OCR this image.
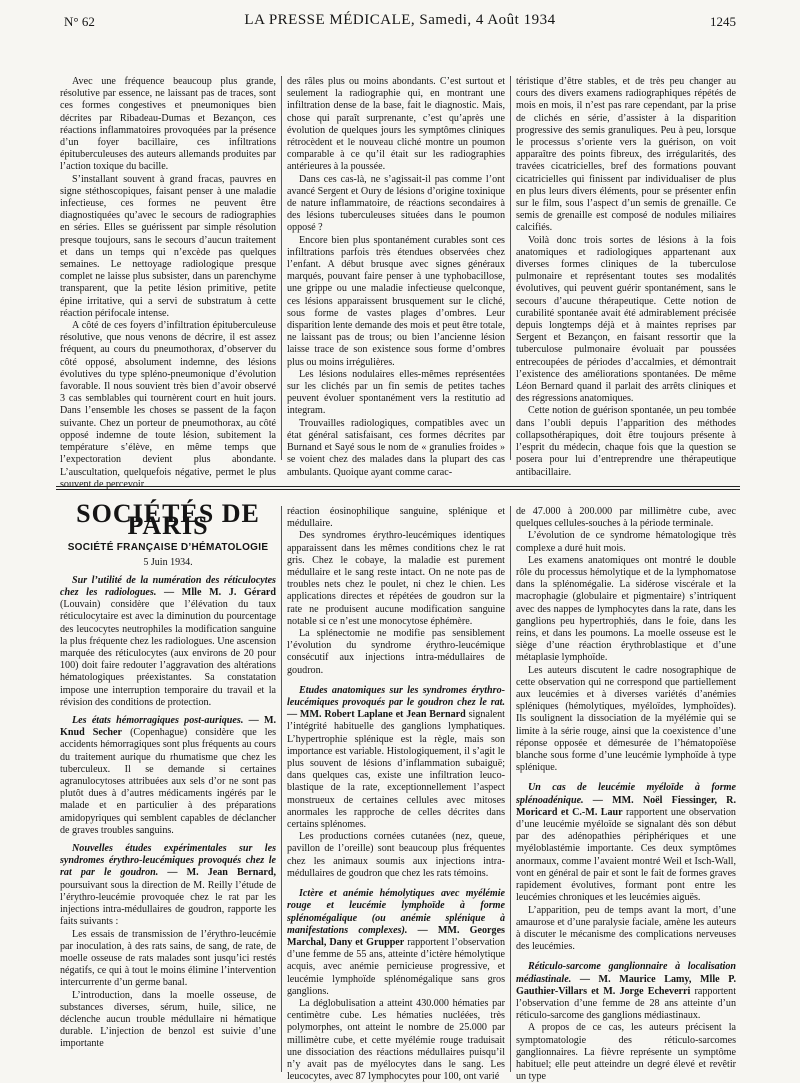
N° 62	LA PRESSE MÉDICALE, Samedi, 4 Août 1934	1245

Avec une fréquence beaucoup plus grande, résolutive par essence, ne laissant pas de traces, sont ces formes congestives et pneumoniques bien décrites par Ribadeau-Dumas et Bezançon, ces réactions inflammatoires provoquées par la présence d’un foyer bacillaire, ces infiltrations épituberculeuses des auteurs allemands produites par l’action toxique du bacille.

S’installant souvent à grand fracas, pauvres en signe stéthoscopiques, faisant penser à une maladie infectieuse, ces formes ne peuvent être diagnostiquées qu’avec le secours de radiographies en séries. Elles se guérissent par simple résolution presque toujours, sans le secours d’aucun traitement et dans un temps qui n’excède pas quelques semaines. Le nettoyage radiologique presque complet ne laisse plus subsister, dans un parenchyme transparent, que la petite lésion primitive, petite épine irritative, qui a servi de substratum à cette réaction périfocale intense.

A côté de ces foyers d’infiltration épituberculeuse résolutive, que nous venons de décrire, il est assez fréquent, au cours du pneumothorax, d’observer du côté opposé, absolument indemne, des lésions évolutives du type spléno-pneumonique d’évolution favorable. Il nous souvient très bien d’avoir observé 3 cas semblables qui tournèrent court en huit jours. Dans l’ensemble les choses se passent de la façon suivante. Chez un porteur de pneumothorax, au côté opposé indemne de toute lésion, subitement la température s’élève, en même temps que l’expectoration devient plus abondante. L’auscultation, quelquefois négative, permet le plus souvent de percevoir

des râles plus ou moins abondants. C’est surtout et seulement la radiographie qui, en montrant une infiltration dense de la base, fait le diagnostic. Mais, chose qui paraît surprenante, c’est qu’après une évolution de quelques jours les symptômes cliniques rétrocèdent et le nouveau cliché montre un poumon comparable à ce qu’il était sur les radiographies antérieures à la poussée.

Dans ces cas-là, ne s’agissait-il pas comme l’ont avancé Sergent et Oury de lésions d’origine toxinique de nature inflammatoire, de réactions secondaires à des lésions tuberculeuses situées dans le poumon opposé ?

Encore bien plus spontanément curables sont ces infiltrations parfois très étendues observées chez l’enfant. A début brusque avec signes généraux marqués, pouvant faire penser à une typhobacillose, une grippe ou une maladie infectieuse quelconque, ces lésions apparaissent brusquement sur le cliché, sous forme de vastes plages d’ombres. Leur disparition lente demande des mois et peut être totale, ne laissant pas de trous; ou bien l’ancienne lésion laisse trace de son existence sous forme d’ombres plus ou moins irrégulières.

Les lésions nodulaires elles-mêmes représentées sur les clichés par un fin semis de petites taches peuvent évoluer spontanément vers la restitutio ad integram.

Trouvailles radiologiques, compatibles avec un état général satisfaisant, ces formes décrites par Burnand et Sayé sous le nom de « granulies froides » se voient chez des malades dans la plupart des cas ambulants. Quoique ayant comme carac-

téristique d’être stables, et de très peu changer au cours des divers examens radiographiques répétés de mois en mois, il n’est pas rare cependant, par la prise de clichés en série, d’assister à la disparition progressive des semis granuliques. Peu à peu, lorsque le processus s’oriente vers la guérison, on voit apparaître des points fibreux, des irrégularités, des travées cicatricielles, bref des formations pouvant cicatricielles qui finissent par individualiser de plus en plus leurs divers éléments, pour se présenter enfin sur le film, sous l’aspect d’un semis de grenaille. Ce semis de grenaille est composé de nodules miliaires calcifiés.

Voilà donc trois sortes de lésions à la fois anatomiques et radiologiques appartenant aux diverses formes cliniques de la tuberculose pulmonaire et représentant toutes ses modalités évolutives, qui peuvent guérir spontanément, sans le secours d’aucune thérapeutique. Cette notion de curabilité spontanée avait été admirablement précisée depuis longtemps déjà et à maintes reprises par Sergent et Bezançon, en faisant ressortir que la tuberculose pulmonaire évoluait par poussées entrecoupées de périodes d’accalmies, et démontrait l’existence des améliorations spontanées. De même Léon Bernard quand il parlait des arrêts cliniques et des régressions anatomiques.

Cette notion de guérison spontanée, un peu tombée dans l’oubli depuis l’apparition des méthodes collapsothérapiques, doit être toujours présente à l’esprit du médecin, chaque fois que la question se posera pour lui d’entreprendre une thérapeutique antibacillaire.

SOCIÉTÉS DE PARIS
SOCIÉTÉ FRANÇAISE D’HÉMATOLOGIE
5 Juin 1934.

Sur l’utilité de la numération des réticulocytes chez les radiologues. — Mlle M. J. Gérard (Louvain) considère que l’élévation du taux réticulocytaire est avec la diminution du pourcentage des leucocytes neutrophiles la modification sanguine la plus fréquente chez les radiologues. Une ascension marquée des réticulocytes (aux environs de 20 pour 100) doit faire redouter l’aggravation des altérations hématologiques préexistantes. Sa constatation impose une interruption temporaire du travail et la révision des conditions de protection.

Les états hémorragiques post-auriques. — M. Knud Secher (Copenhague) considère que les accidents hémorragiques sont plus fréquents au cours du traitement aurique du rhumatisme que chez les tuberculeux. Il se demande si certaines agranulocytoses attribuées aux sels d’or ne sont pas plutôt dues à d’autres médicaments ingérés par le malade et en particulier à des préparations amidopyriques qui semblent capables de déclancher de graves troubles sanguins.

Nouvelles études expérimentales sur les syndromes érythro-leucémiques provoqués chez le rat par le goudron. — M. Jean Bernard, poursuivant sous la direction de M. Reilly l’étude de l’érythro-leucémie provoquée chez le rat par les injections intra-médullaires de goudron, rapporte les faits suivants :

Les essais de transmission de l’érythro-leucémie par inoculation, à des rats sains, de sang, de rate, de moelle osseuse de rats malades sont jusqu’ici restés négatifs, ce qui à tout le moins élimine l’intervention intercurrente d’un germe banal.

L’introduction, dans la moelle osseuse, de substances diverses, sérum, huile, silice, ne déclenche aucun trouble médullaire ni hématique durable. L’injection de benzol est suivie d’une importante

réaction éosinophilique sanguine, splénique et médullaire.

Des syndromes érythro-leucémiques identiques apparaissent dans les mêmes conditions chez le rat gris. Chez le cobaye, la maladie est purement médullaire et le sang reste intact. On ne note pas de troubles nets chez le poulet, ni chez le chien. Les applications directes et répétées de goudron sur la rate ne produisent aucune modification sanguine notable si ce n’est une monocytose éphémère.

La splénectomie ne modifie pas sensiblement l’évolution du syndrome érythro-leucémique consécutif aux injections intra-médullaires de goudron.

Etudes anatomiques sur les syndromes érythro-leucémiques provoqués par le goudron chez le rat. — MM. Robert Laplane et Jean Bernard signalent l’intégrité habituelle des ganglions lymphatiques. L’hypertrophie splénique est la règle, mais son importance est variable. Histologiquement, il s’agit le plus souvent de lésions d’inflammation subaiguë; dans quelques cas, existe une infiltration leuco-blastique de la rate, exceptionnellement l’aspect monstrueux de certaines cellules avec mitoses anormales les rapproche de celles décrites dans certains splénomes.

Les productions cornées cutanées (nez, queue, pavillon de l’oreille) sont beaucoup plus fréquentes chez les animaux soumis aux injections intra-médullaires de goudron que chez les rats témoins.

Ictère et anémie hémolytiques avec myélémie rouge et leucémie lymphoïde à forme splénomégalique (ou anémie splénique à manifestations complexes). — MM. Georges Marchal, Dany et Grupper rapportent l’observation d’une femme de 55 ans, atteinte d’ictère hémolytique acquis, avec anémie pernicieuse progressive, et leucémie lymphoïde splénomégalique sans gros ganglions.

La déglobulisation a atteint 430.000 hématies par centimètre cube. Les hématies nucléées, très polymorphes, ont atteint le nombre de 25.000 par millimètre cube, et cette myélémie rouge traduisait une dissociation des réactions médullaires puisqu’il n’y avait pas de myélocytes dans le sang. Les leucocytes, avec 87 lymphocytes pour 100, ont varié

de 47.000 à 200.000 par millimètre cube, avec quelques cellules-souches à la période terminale.

L’évolution de ce syndrome hématologique très complexe a duré huit mois.

Les examens anatomiques ont montré le double rôle du processus hémolytique et de la lymphomatose dans la splénomégalie. La sidérose viscérale et la macrophagie (globulaire et pigmentaire) s’intriquent avec des nappes de lymphocytes dans la rate, dans les ganglions peu hypertrophiés, dans le foie, dans les reins, et dans les poumons. La moelle osseuse est le siège d’une réaction érythroblastique et d’une métaplasie lymphoïde.

Les auteurs discutent le cadre nosographique de cette observation qui ne correspond que partiellement aux leucémies et à diverses variétés d’anémies spléniques (hémolytiques, myéloïdes, lymphoïdes). Ils soulignent la dissociation de la myélémie qui se limite à la série rouge, ainsi que la coexistence d’une réponse opposée et démesurée de l’hématopoïèse blanche sous forme d’une leucémie lymphoïde à type splénique.

Un cas de leucémie myéloïde à forme splénoadénique. — MM. Noël Fiessinger, R. Moricard et C.-M. Laur rapportent une observation d’une leucémie myéloïde se signalant dès son début par des adénopathies périphériques et une myéloblastémie importante. Ces deux symptômes anormaux, comme l’avaient montré Weil et Isch-Wall, vont en général de pair et sont le fait de formes graves rapidement évolutives, formant pont entre les leucémies chroniques et les leucémies aiguës.

L’apparition, peu de temps avant la mort, d’une amaurose et d’une paralysie faciale, amène les auteurs à discuter le mécanisme des complications nerveuses des leucémies.

Réticulo-sarcome ganglionnaire à localisation médiastinale. — M. Maurice Lamy, Mlle P. Gauthier-Villars et M. Jorge Echeverri rapportent l’observation d’une femme de 28 ans atteinte d’un réticulo-sarcome des ganglions médiastinaux.

A propos de ce cas, les auteurs précisent la symptomatologie des réticulo-sarcomes ganglionnaires. La fièvre représente un symptôme habituel; elle peut atteindre un degré élevé et revêtir un type
